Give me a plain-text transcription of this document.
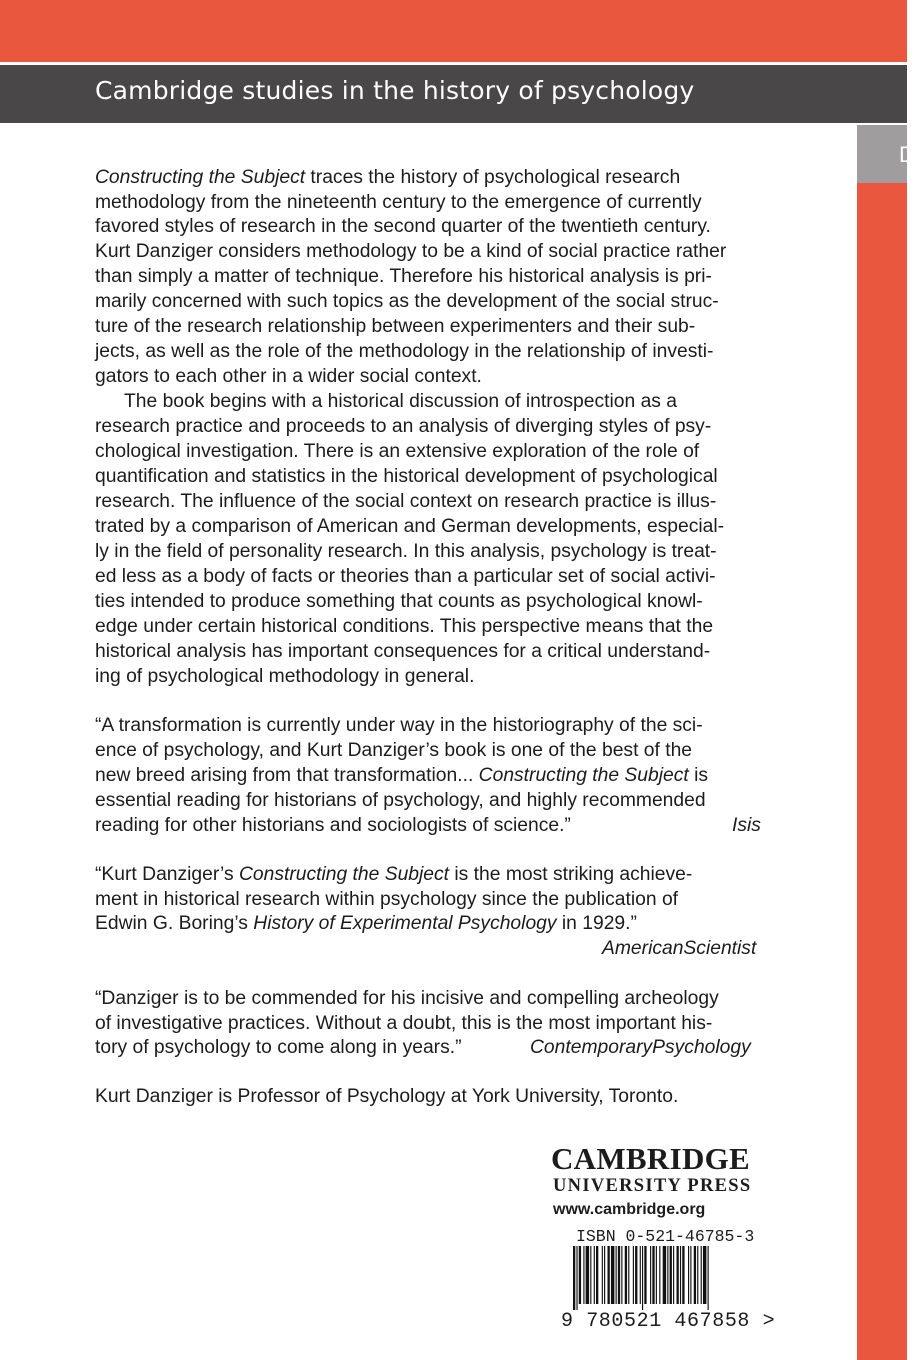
Cambridge studies in the history of psychology
D
Constructing the Subject traces the history of psychological research
methodology from the nineteenth century to the emergence of currently
favored styles of research in the second quarter of the twentieth century.
Kurt Danziger considers methodology to be a kind of social practice rather
than simply a matter of technique. Therefore his historical analysis is pri-
marily concerned with such topics as the development of the social struc-
ture of the research relationship between experimenters and their sub-
jects, as well as the role of the methodology in the relationship of investi-
gators to each other in a wider social context.
The book begins with a historical discussion of introspection as a
research practice and proceeds to an analysis of diverging styles of psy-
chological investigation. There is an extensive exploration of the role of
quantification and statistics in the historical development of psychological
research. The influence of the social context on research practice is illus-
trated by a comparison of American and German developments, especial-
ly in the field of personality research. In this analysis, psychology is treat-
ed less as a body of facts or theories than a particular set of social activi-
ties intended to produce something that counts as psychological knowl-
edge under certain historical conditions. This perspective means that the
historical analysis has important consequences for a critical understand-
ing of psychological methodology in general.
“A transformation is currently under way in the historiography of the sci-
ence of psychology, and Kurt Danziger’s book is one of the best of the
new breed arising from that transformation... Constructing the Subject is
essential reading for historians of psychology, and highly recommended
reading for other historians and sociologists of science.”	Isis
“Kurt Danziger’s Constructing the Subject is the most striking achieve-
ment in historical research within psychology since the publication of
Edwin G. Boring’s History of Experimental Psychology in 1929.”
AmericanScientist
“Danziger is to be commended for his incisive and compelling archeology
of investigative practices. Without a doubt, this is the most important his-
tory of psychology to come along in years.”	ContemporaryPsychology
Kurt Danziger is Professor of Psychology at York University, Toronto.
CAMBRIDGE
UNIVERSITY PRESS
www.cambridge.org
ISBN 0-521-46785-3
9 780521 467858 >
